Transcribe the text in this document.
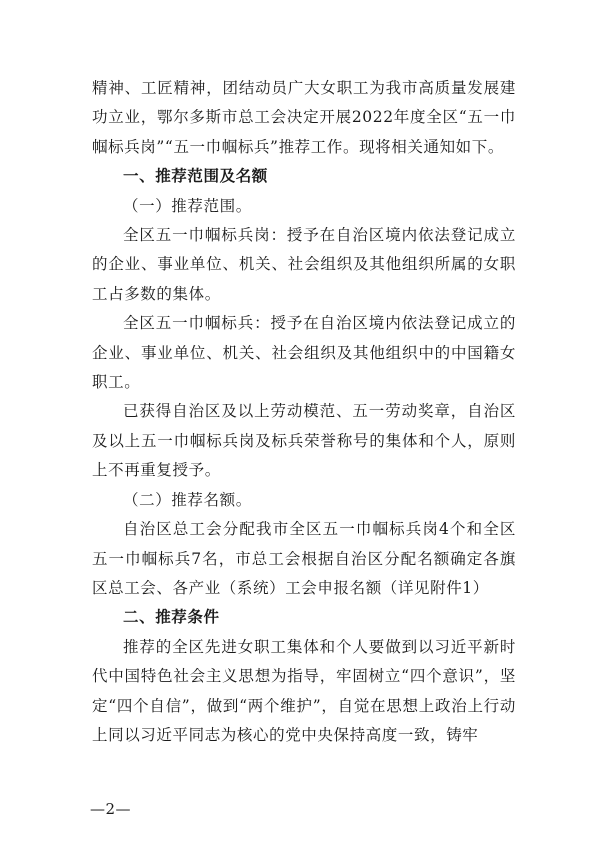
精神、工匠精神，团结动员广大女职工为我市高质量发展建功立业，鄂尔多斯市总工会决定开展2022年度全区“五一巾帼标兵岗”“五一巾帼标兵”推荐工作。现将相关通知如下。

一、推荐范围及名额

（一）推荐范围。

全区五一巾帼标兵岗：授予在自治区境内依法登记成立的企业、事业单位、机关、社会组织及其他组织所属的女职工占多数的集体。

全区五一巾帼标兵：授予在自治区境内依法登记成立的企业、事业单位、机关、社会组织及其他组织中的中国籍女职工。

已获得自治区及以上劳动模范、五一劳动奖章，自治区及以上五一巾帼标兵岗及标兵荣誉称号的集体和个人，原则上不再重复授予。

（二）推荐名额。

自治区总工会分配我市全区五一巾帼标兵岗4个和全区五一巾帼标兵7名，市总工会根据自治区分配名额确定各旗区总工会、各产业（系统）工会申报名额（详见附件1）

二、推荐条件

推荐的全区先进女职工集体和个人要做到以习近平新时代中国特色社会主义思想为指导，牢固树立“四个意识”，坚定“四个自信”，做到“两个维护”，自觉在思想上政治上行动上同以习近平同志为核心的党中央保持高度一致，铸牢

—2—
